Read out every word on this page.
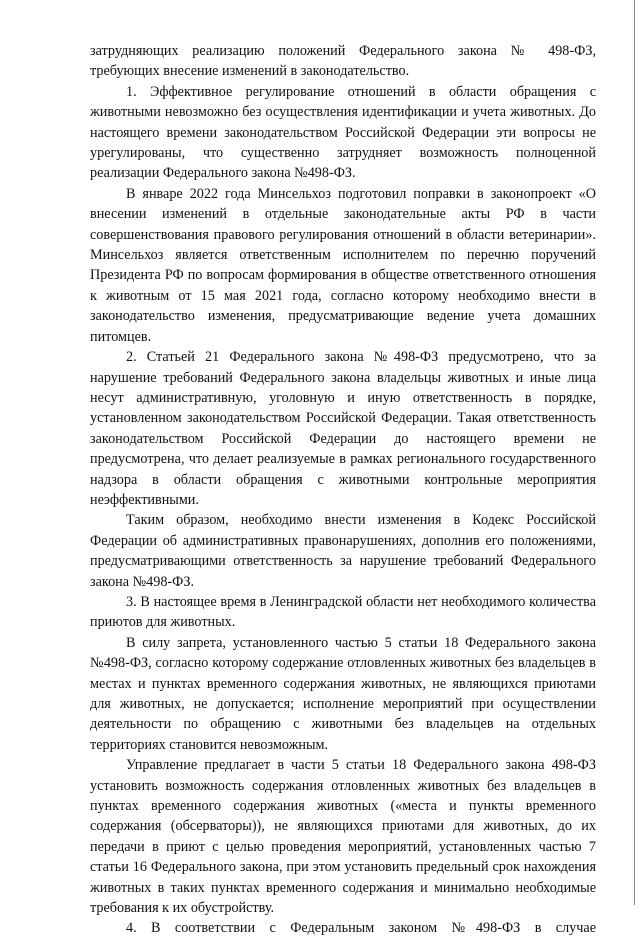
затрудняющих реализацию положений Федерального закона № 498-ФЗ, требующих внесение изменений в законодательство.

1. Эффективное регулирование отношений в области обращения с животными невозможно без осуществления идентификации и учета животных. До настоящего времени законодательством Российской Федерации эти вопросы не урегулированы, что существенно затрудняет возможность полноценной реализации Федерального закона №498-ФЗ.

В январе 2022 года Минсельхоз подготовил поправки в законопроект «О внесении изменений в отдельные законодательные акты РФ в части совершенствования правового регулирования отношений в области ветеринарии». Минсельхоз является ответственным исполнителем по перечню поручений Президента РФ по вопросам формирования в обществе ответственного отношения к животным от 15 мая 2021 года, согласно которому необходимо внести в законодательство изменения, предусматривающие ведение учета домашних питомцев.

2. Статьей 21 Федерального закона №498-ФЗ предусмотрено, что за нарушение требований Федерального закона владельцы животных и иные лица несут административную, уголовную и иную ответственность в порядке, установленном законодательством Российской Федерации. Такая ответственность законодательством Российской Федерации до настоящего времени не предусмотрена, что делает реализуемые в рамках регионального государственного надзора в области обращения с животными контрольные мероприятия неэффективными.

Таким образом, необходимо внести изменения в Кодекс Российской Федерации об административных правонарушениях, дополнив его положениями, предусматривающими ответственность за нарушение требований Федерального закона №498-ФЗ.

3. В настоящее время в Ленинградской области нет необходимого количества приютов для животных.

В силу запрета, установленного частью 5 статьи 18 Федерального закона №498-ФЗ, согласно которому содержание отловленных животных без владельцев в местах и пунктах временного содержания животных, не являющихся приютами для животных, не допускается; исполнение мероприятий при осуществлении деятельности по обращению с животными без владельцев на отдельных территориях становится невозможным.

Управление предлагает в части 5 статьи 18 Федерального закона 498-ФЗ установить возможность содержания отловленных животных без владельцев в пунктах временного содержания животных («места и пункты временного содержания (обсерваторы)), не являющихся приютами для животных, до их передачи в приют с целью проведения мероприятий, установленных частью 7 статьи 16 Федерального закона, при этом установить предельный срок нахождения животных в таких пунктах временного содержания и минимально необходимые требования к их обустройству.

4. В соответствии с Федеральным законом №498-ФЗ в случае
